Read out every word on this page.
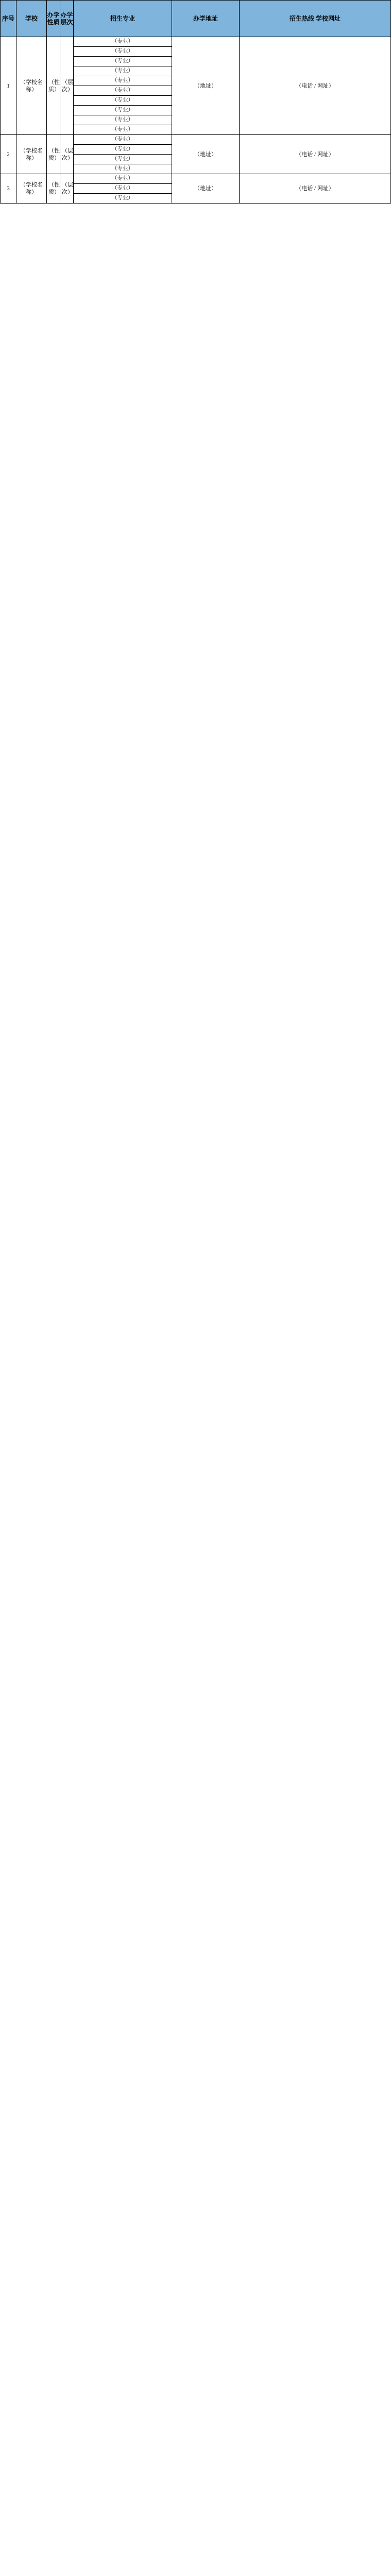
序号	学校	办学性质	办学层次	招生专业	办学地址	招生热线 学校网址
1	（学校名称）	（性质）	（层次）	（专业）	（地址）	（电话 / 网址）
				（专业）		
				（专业）		
				（专业）		
				（专业）		
				（专业）		
				（专业）		
				（专业）		
				（专业）		
				（专业）		
2	（学校名称）	（性质）	（层次）	（专业）	（地址）	（电话 / 网址）
				（专业）		
				（专业）		
				（专业）		
3	（学校名称）	（性质）	（层次）	（专业）	（地址）	（电话 / 网址）
				（专业）		
				（专业）		
